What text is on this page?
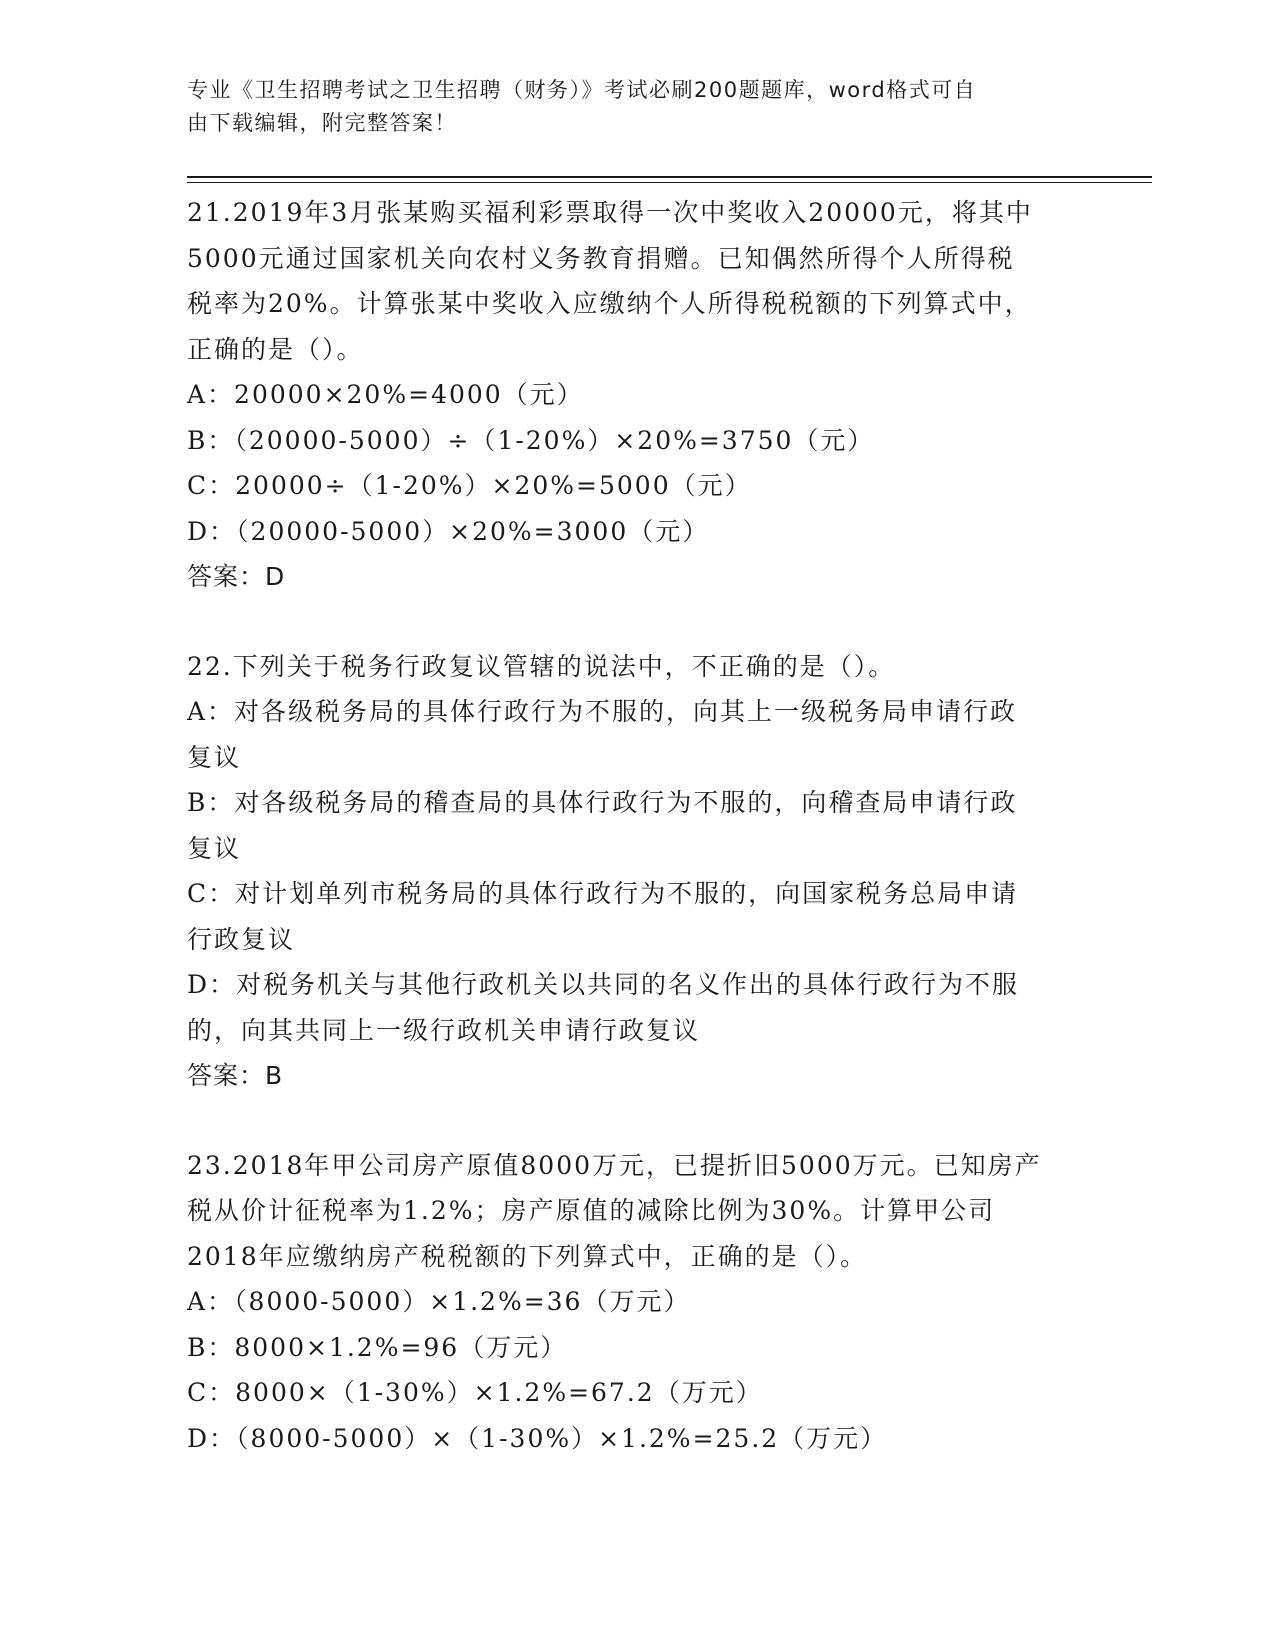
专业《卫生招聘考试之卫生招聘（财务）》考试必刷200题题库，word格式可自
由下载编辑，附完整答案！
21.2019年3月张某购买福利彩票取得一次中奖收入20000元，将其中
5000元通过国家机关向农村义务教育捐赠。已知偶然所得个人所得税
税率为20%。计算张某中奖收入应缴纳个人所得税税额的下列算式中，
正确的是（）。
A：20000×20%=4000（元）
B：（20000-5000）÷（1-20%）×20%=3750（元）
C：20000÷（1-20%）×20%=5000（元）
D：（20000-5000）×20%=3000（元）
答案：D
22.下列关于税务行政复议管辖的说法中，不正确的是（）。
A：对各级税务局的具体行政行为不服的，向其上一级税务局申请行政
复议
B：对各级税务局的稽查局的具体行政行为不服的，向稽查局申请行政
复议
C：对计划单列市税务局的具体行政行为不服的，向国家税务总局申请
行政复议
D：对税务机关与其他行政机关以共同的名义作出的具体行政行为不服
的，向其共同上一级行政机关申请行政复议
答案：B
23.2018年甲公司房产原值8000万元，已提折旧5000万元。已知房产
税从价计征税率为1.2%；房产原值的减除比例为30%。计算甲公司
2018年应缴纳房产税税额的下列算式中，正确的是（）。
A：（8000-5000）×1.2%=36（万元）
B：8000×1.2%=96（万元）
C：8000×（1-30%）×1.2%=67.2（万元）
D：（8000-5000）×（1-30%）×1.2%=25.2（万元）
